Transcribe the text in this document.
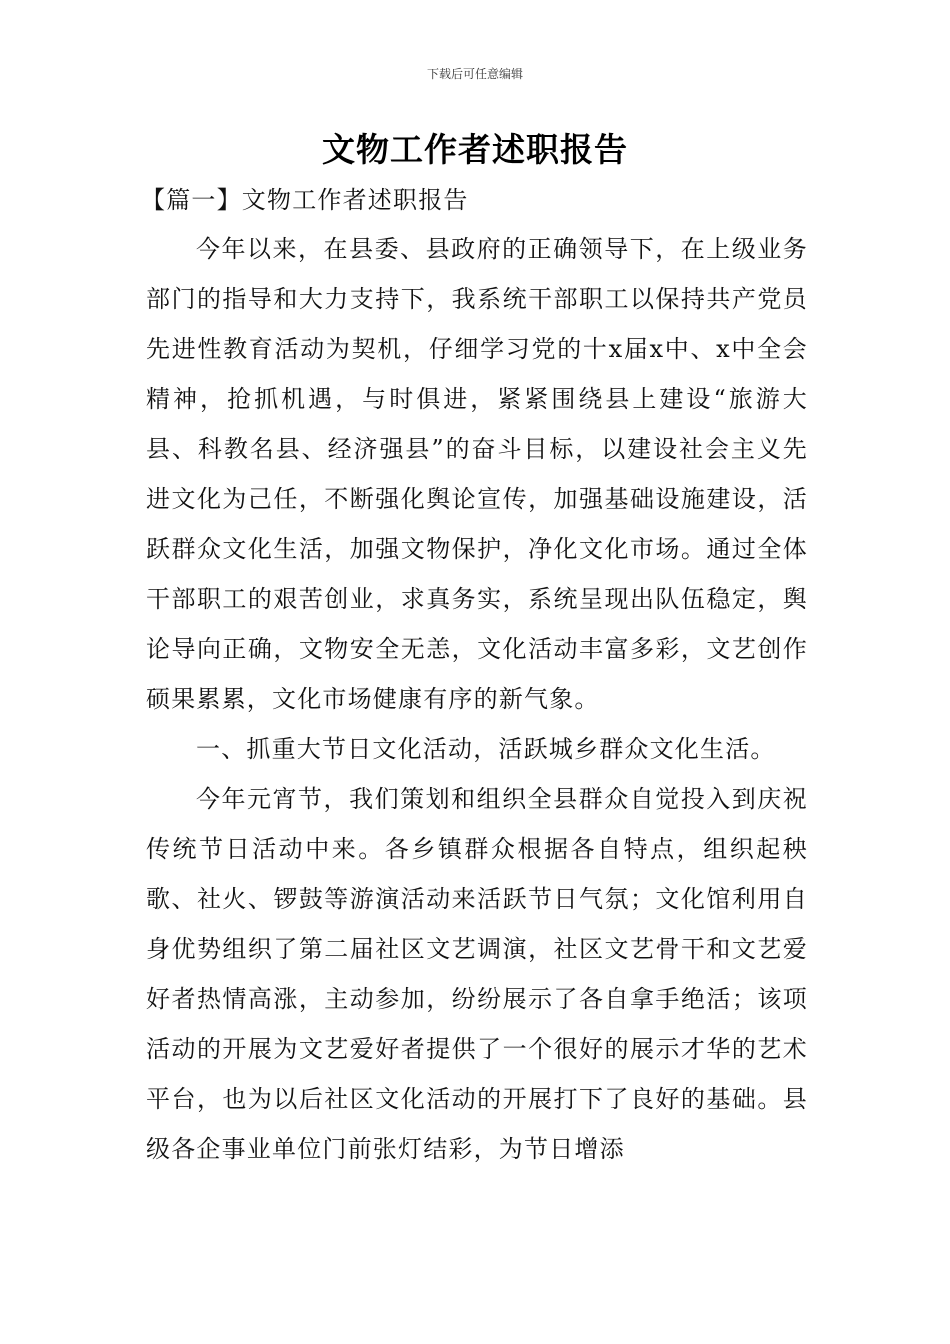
下载后可任意编辑
文物工作者述职报告

【篇一】文物工作者述职报告

今年以来，在县委、县政府的正确领导下，在上级业务部门的指导和大力支持下，我系统干部职工以保持共产党员先进性教育活动为契机，仔细学习党的十x届x中、x中全会精神，抢抓机遇，与时俱进，紧紧围绕县上建设“旅游大县、科教名县、经济强县”的奋斗目标，以建设社会主义先进文化为己任，不断强化舆论宣传，加强基础设施建设，活跃群众文化生活，加强文物保护，净化文化市场。通过全体干部职工的艰苦创业，求真务实，系统呈现出队伍稳定，舆论导向正确，文物安全无恙，文化活动丰富多彩，文艺创作硕果累累，文化市场健康有序的新气象。

一、抓重大节日文化活动，活跃城乡群众文化生活。

今年元宵节，我们策划和组织全县群众自觉投入到庆祝传统节日活动中来。各乡镇群众根据各自特点，组织起秧歌、社火、锣鼓等游演活动来活跃节日气氛；文化馆利用自身优势组织了第二届社区文艺调演，社区文艺骨干和文艺爱好者热情高涨，主动参加，纷纷展示了各自拿手绝活；该项活动的开展为文艺爱好者提供了一个很好的展示才华的艺术平台，也为以后社区文化活动的开展打下了良好的基础。县级各企事业单位门前张灯结彩，为节日增添
